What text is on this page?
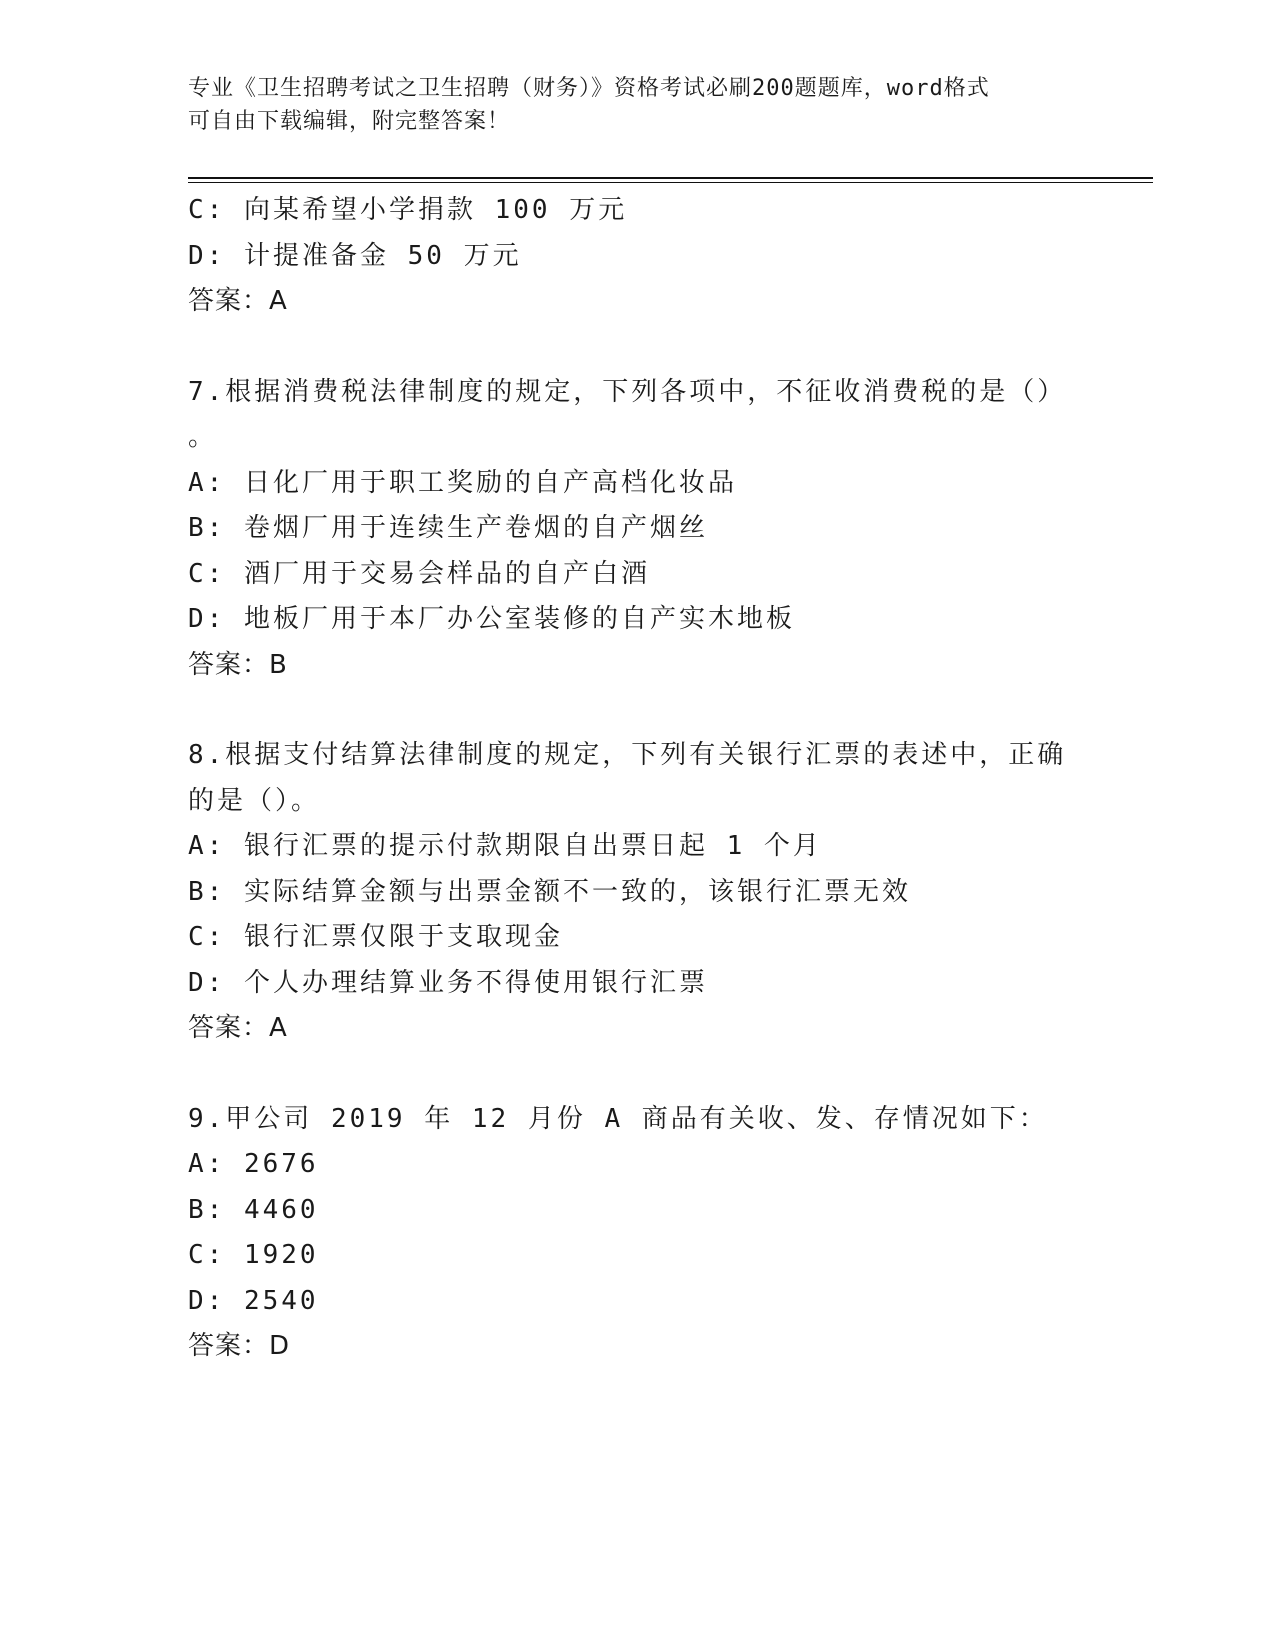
专业《卫生招聘考试之卫生招聘（财务）》资格考试必刷200题题库，word格式
可自由下载编辑，附完整答案！
C: 向某希望小学捐款 100 万元
D: 计提准备金 50 万元
答案：A
7.根据消费税法律制度的规定，下列各项中，不征收消费税的是（）
。
A: 日化厂用于职工奖励的自产高档化妆品
B: 卷烟厂用于连续生产卷烟的自产烟丝
C: 酒厂用于交易会样品的自产白酒
D: 地板厂用于本厂办公室装修的自产实木地板
答案：B
8.根据支付结算法律制度的规定，下列有关银行汇票的表述中，正确
的是（）。
A: 银行汇票的提示付款期限自出票日起 1 个月
B: 实际结算金额与出票金额不一致的，该银行汇票无效
C: 银行汇票仅限于支取现金
D: 个人办理结算业务不得使用银行汇票
答案：A
9.甲公司 2019 年 12 月份 A 商品有关收、发、存情况如下：
A: 2676
B: 4460
C: 1920
D: 2540
答案：D
